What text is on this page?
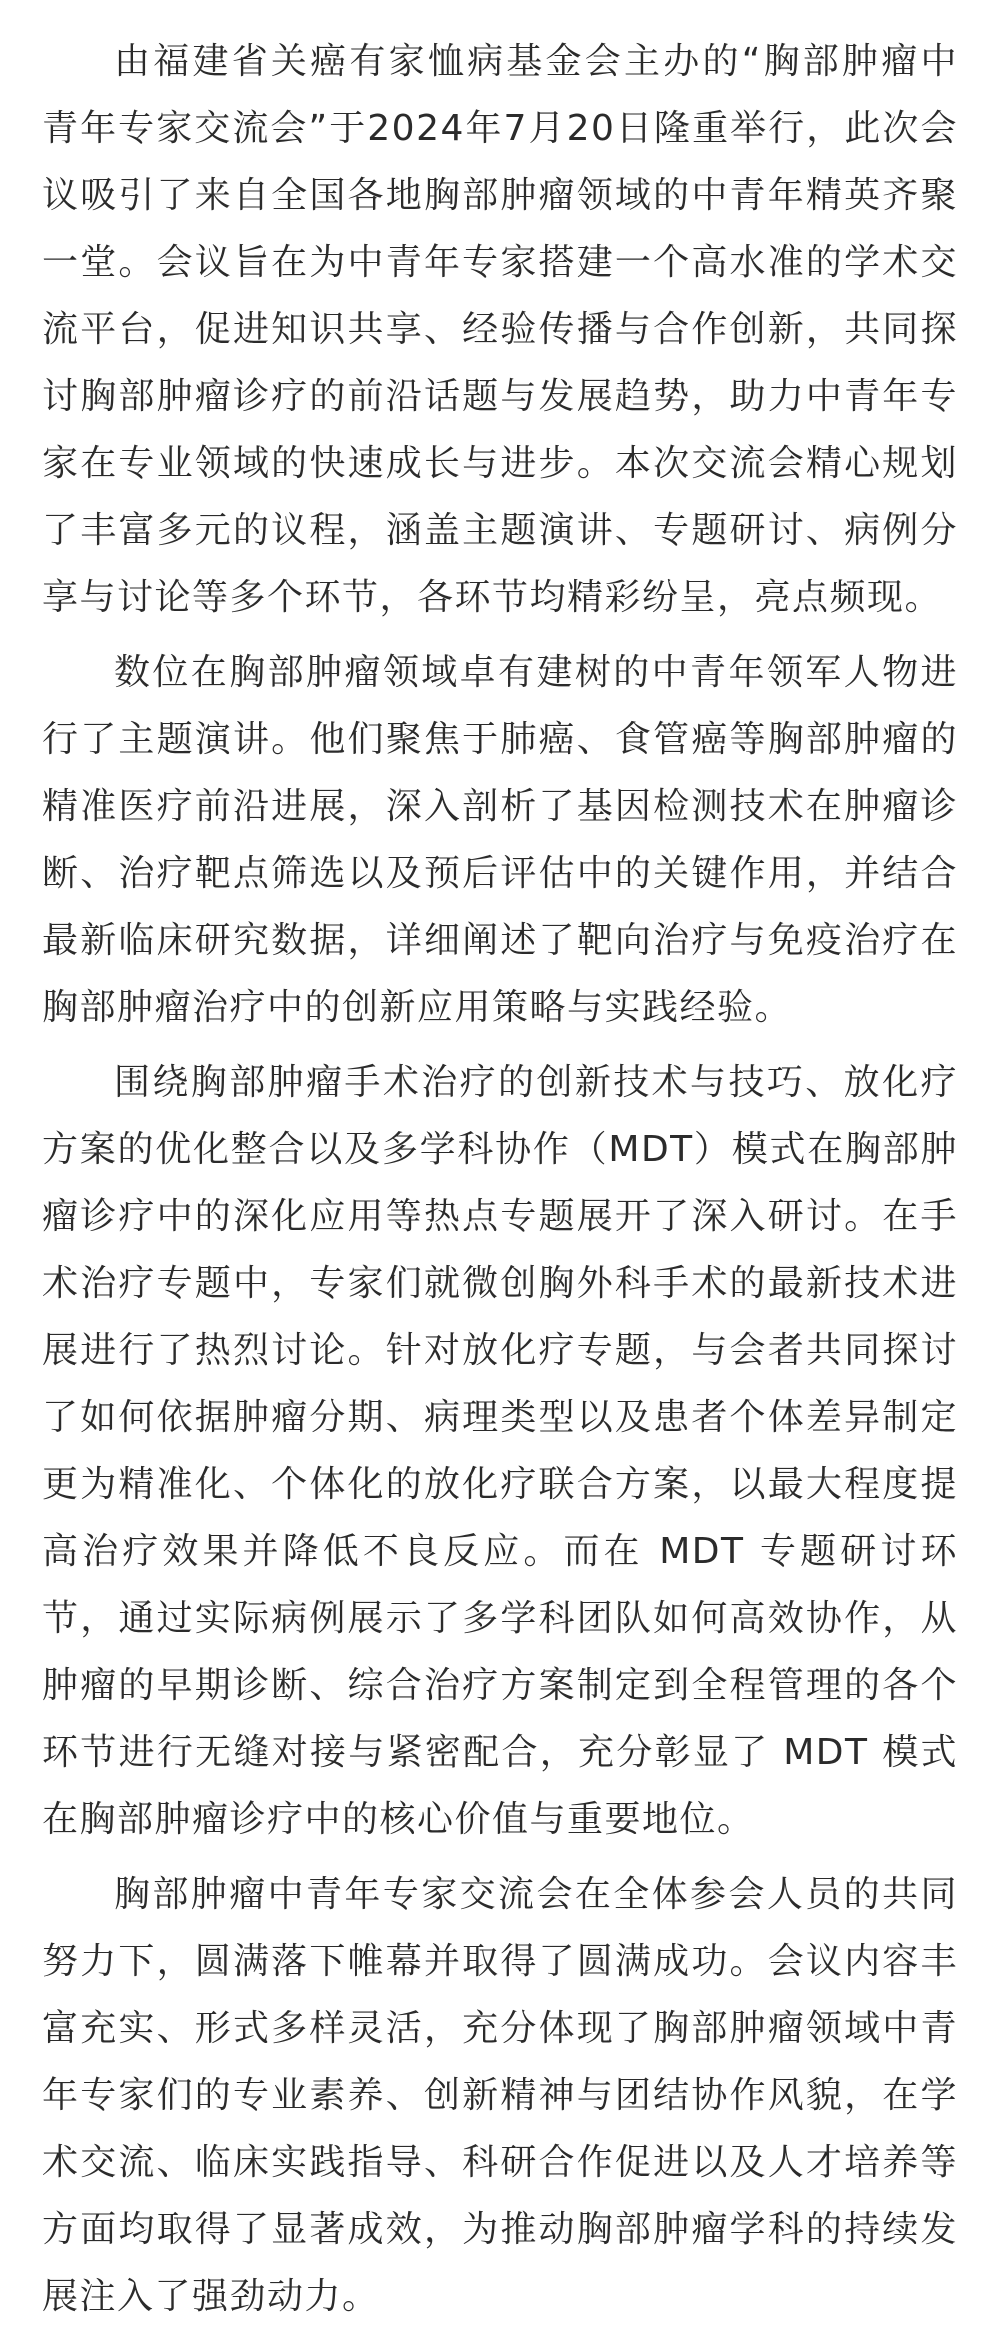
由福建省关癌有家恤病基金会主办的“胸部肿瘤中青年专家交流会”于2024年7月20日隆重举行，此次会议吸引了来自全国各地胸部肿瘤领域的中青年精英齐聚一堂。会议旨在为中青年专家搭建一个高水准的学术交流平台，促进知识共享、经验传播与合作创新，共同探讨胸部肿瘤诊疗的前沿话题与发展趋势，助力中青年专家在专业领域的快速成长与进步。本次交流会精心规划了丰富多元的议程，涵盖主题演讲、专题研讨、病例分享与讨论等多个环节，各环节均精彩纷呈，亮点频现。

数位在胸部肿瘤领域卓有建树的中青年领军人物进行了主题演讲。他们聚焦于肺癌、食管癌等胸部肿瘤的精准医疗前沿进展，深入剖析了基因检测技术在肿瘤诊断、治疗靶点筛选以及预后评估中的关键作用，并结合最新临床研究数据，详细阐述了靶向治疗与免疫治疗在胸部肿瘤治疗中的创新应用策略与实践经验。

围绕胸部肿瘤手术治疗的创新技术与技巧、放化疗方案的优化整合以及多学科协作（MDT）模式在胸部肿瘤诊疗中的深化应用等热点专题展开了深入研讨。在手术治疗专题中，专家们就微创胸外科手术的最新技术进展进行了热烈讨论。针对放化疗专题，与会者共同探讨了如何依据肿瘤分期、病理类型以及患者个体差异制定更为精准化、个体化的放化疗联合方案，以最大程度提高治疗效果并降低不良反应。而在 MDT 专题研讨环节，通过实际病例展示了多学科团队如何高效协作，从肿瘤的早期诊断、综合治疗方案制定到全程管理的各个环节进行无缝对接与紧密配合，充分彰显了 MDT 模式在胸部肿瘤诊疗中的核心价值与重要地位。

胸部肿瘤中青年专家交流会在全体参会人员的共同努力下，圆满落下帷幕并取得了圆满成功。会议内容丰富充实、形式多样灵活，充分体现了胸部肿瘤领域中青年专家们的专业素养、创新精神与团结协作风貌，在学术交流、临床实践指导、科研合作促进以及人才培养等方面均取得了显著成效，为推动胸部肿瘤学科的持续发展注入了强劲动力。
